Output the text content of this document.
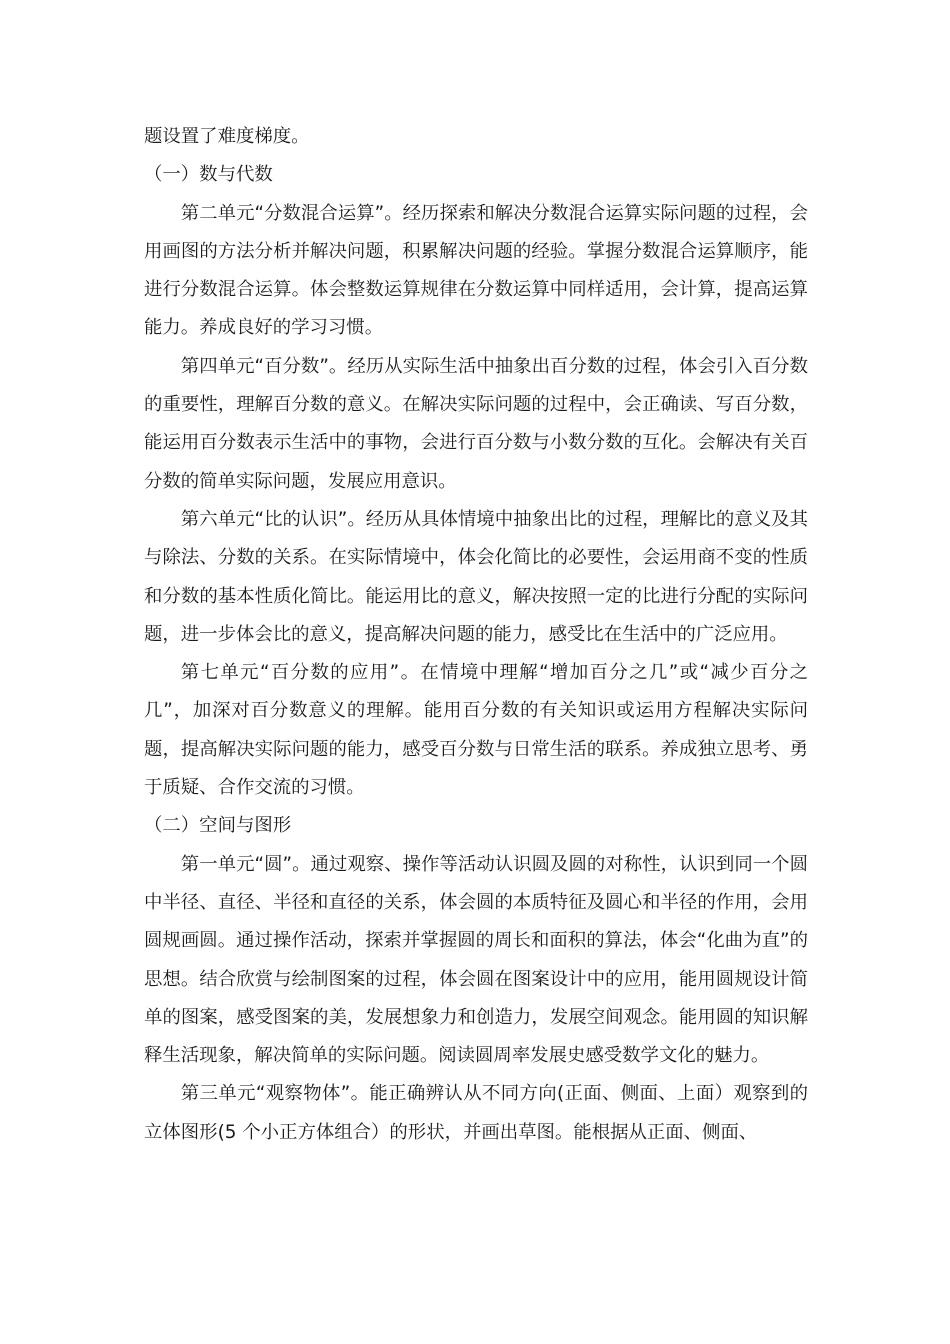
题设置了难度梯度。

（一）数与代数

第二单元“分数混合运算”。经历探索和解决分数混合运算实际问题的过程，会用画图的方法分析并解决问题，积累解决问题的经验。掌握分数混合运算顺序，能进行分数混合运算。体会整数运算规律在分数运算中同样适用，会计算，提高运算能力。养成良好的学习习惯。

第四单元“百分数”。经历从实际生活中抽象出百分数的过程，体会引入百分数的重要性，理解百分数的意义。在解决实际问题的过程中，会正确读、写百分数，能运用百分数表示生活中的事物，会进行百分数与小数分数的互化。会解决有关百分数的简单实际问题，发展应用意识。

第六单元“比的认识”。经历从具体情境中抽象出比的过程，理解比的意义及其与除法、分数的关系。在实际情境中，体会化简比的必要性，会运用商不变的性质和分数的基本性质化简比。能运用比的意义，解决按照一定的比进行分配的实际问题，进一步体会比的意义，提高解决问题的能力，感受比在生活中的广泛应用。

第七单元“百分数的应用”。在情境中理解“增加百分之几”或“减少百分之几”，加深对百分数意义的理解。能用百分数的有关知识或运用方程解决实际问题，提高解决实际问题的能力，感受百分数与日常生活的联系。养成独立思考、勇于质疑、合作交流的习惯。

（二）空间与图形

第一单元“圆”。通过观察、操作等活动认识圆及圆的对称性，认识到同一个圆中半径、直径、半径和直径的关系，体会圆的本质特征及圆心和半径的作用，会用圆规画圆。通过操作活动，探索并掌握圆的周长和面积的算法，体会“化曲为直”的思想。结合欣赏与绘制图案的过程，体会圆在图案设计中的应用，能用圆规设计简单的图案，感受图案的美，发展想象力和创造力，发展空间观念。能用圆的知识解释生活现象，解决简单的实际问题。阅读圆周率发展史感受数学文化的魅力。

第三单元“观察物体”。能正确辨认从不同方向(正面、侧面、上面）观察到的立体图形(5 个小正方体组合）的形状，并画出草图。能根据从正面、侧面、
